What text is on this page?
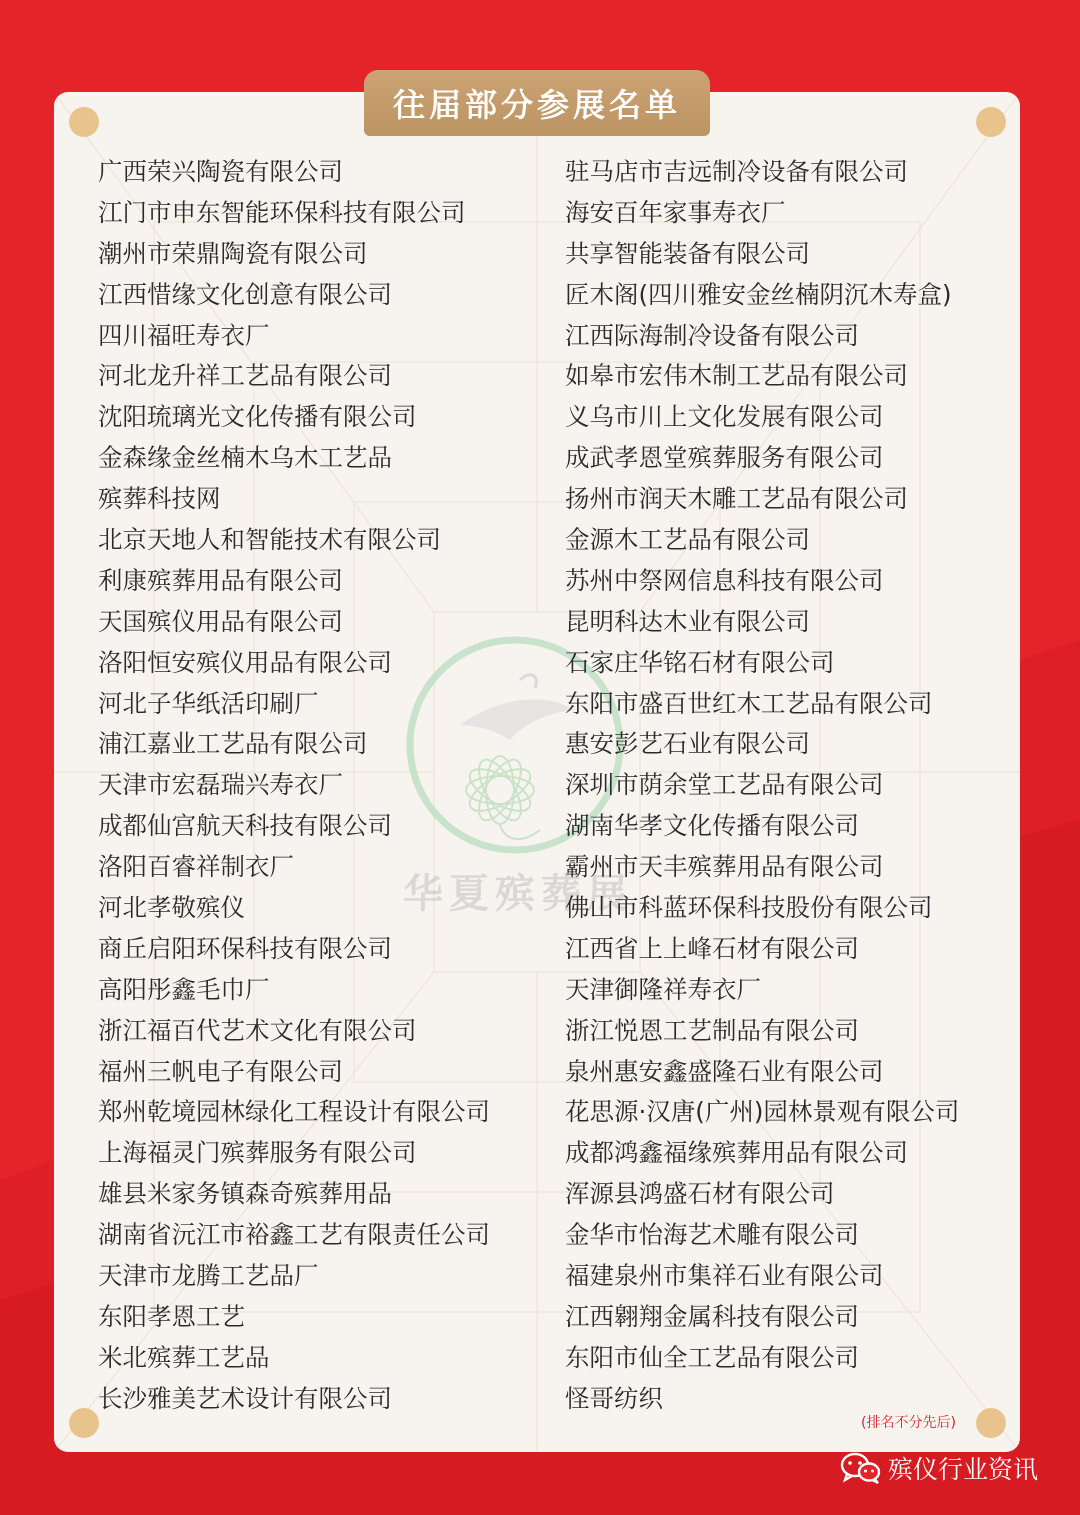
往届部分参展名单
华夏殡葬展
广西荣兴陶瓷有限公司
江门市申东智能环保科技有限公司
潮州市荣鼎陶瓷有限公司
江西惜缘文化创意有限公司
四川福旺寿衣厂
河北龙升祥工艺品有限公司
沈阳琉璃光文化传播有限公司
金森缘金丝楠木乌木工艺品
殡葬科技网
北京天地人和智能技术有限公司
利康殡葬用品有限公司
天国殡仪用品有限公司
洛阳恒安殡仪用品有限公司
河北子华纸活印刷厂
浦江嘉业工艺品有限公司
天津市宏磊瑞兴寿衣厂
成都仙宫航天科技有限公司
洛阳百睿祥制衣厂
河北孝敬殡仪
商丘启阳环保科技有限公司
高阳彤鑫毛巾厂
浙江福百代艺术文化有限公司
福州三帆电子有限公司
郑州乾境园林绿化工程设计有限公司
上海福灵门殡葬服务有限公司
雄县米家务镇森奇殡葬用品
湖南省沅江市裕鑫工艺有限责任公司
天津市龙腾工艺品厂
东阳孝恩工艺
米北殡葬工艺品
长沙雅美艺术设计有限公司
驻马店市吉远制冷设备有限公司
海安百年家事寿衣厂
共享智能装备有限公司
匠木阁(四川雅安金丝楠阴沉木寿盒)
江西际海制冷设备有限公司
如皋市宏伟木制工艺品有限公司
义乌市川上文化发展有限公司
成武孝恩堂殡葬服务有限公司
扬州市润天木雕工艺品有限公司
金源木工艺品有限公司
苏州中祭网信息科技有限公司
昆明科达木业有限公司
石家庄华铭石材有限公司
东阳市盛百世红木工艺品有限公司
惠安彭艺石业有限公司
深圳市荫余堂工艺品有限公司
湖南华孝文化传播有限公司
霸州市天丰殡葬用品有限公司
佛山市科蓝环保科技股份有限公司
江西省上上峰石材有限公司
天津御隆祥寿衣厂
浙江悦恩工艺制品有限公司
泉州惠安鑫盛隆石业有限公司
花思源·汉唐(广州)园林景观有限公司
成都鸿鑫福缘殡葬用品有限公司
浑源县鸿盛石材有限公司
金华市怡海艺术雕有限公司
福建泉州市集祥石业有限公司
江西翱翔金属科技有限公司
东阳市仙全工艺品有限公司
怪哥纺织
(排名不分先后)
殡仪行业资讯
